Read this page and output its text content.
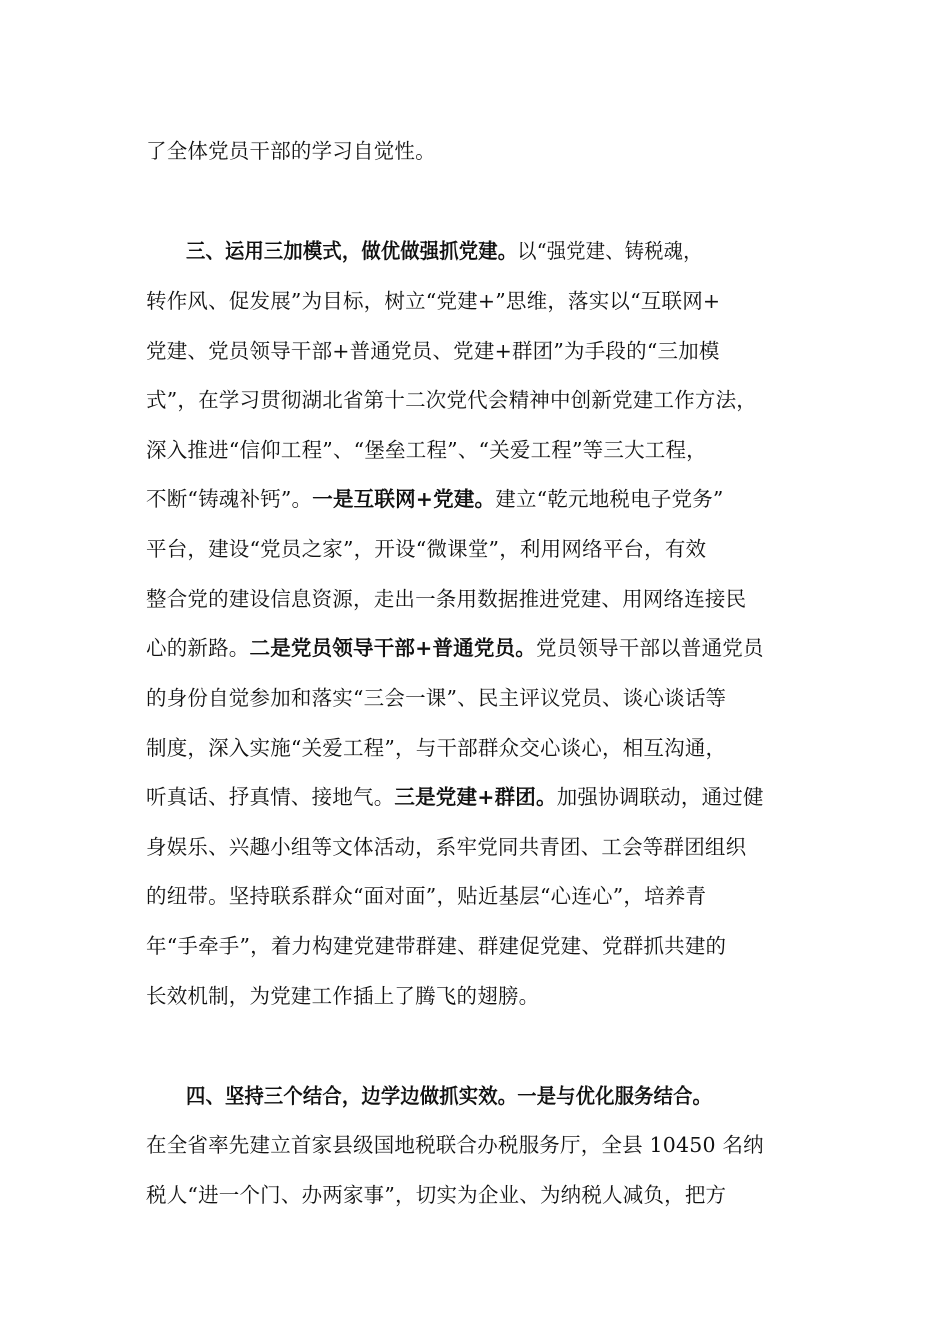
了全体党员干部的学习自觉性。
三、运用三加模式，做优做强抓党建。以“强党建、铸税魂，
转作风、促发展”为目标，树立“党建+”思维，落实以“互联网+
党建、党员领导干部+普通党员、党建+群团”为手段的“三加模
式”，在学习贯彻湖北省第十二次党代会精神中创新党建工作方法，
深入推进“信仰工程”、“堡垒工程”、“关爱工程”等三大工程，
不断“铸魂补钙”。一是互联网+党建。建立“乾元地税电子党务”
平台，建设“党员之家”，开设“微课堂”，利用网络平台，有效
整合党的建设信息资源，走出一条用数据推进党建、用网络连接民
心的新路。二是党员领导干部+普通党员。党员领导干部以普通党员
的身份自觉参加和落实“三会一课”、民主评议党员、谈心谈话等
制度，深入实施“关爱工程”，与干部群众交心谈心，相互沟通，
听真话、抒真情、接地气。三是党建+群团。加强协调联动，通过健
身娱乐、兴趣小组等文体活动，系牢党同共青团、工会等群团组织
的纽带。坚持联系群众“面对面”，贴近基层“心连心”，培养青
年“手牵手”，着力构建党建带群建、群建促党建、党群抓共建的
长效机制，为党建工作插上了腾飞的翅膀。
四、坚持三个结合，边学边做抓实效。一是与优化服务结合。
在全省率先建立首家县级国地税联合办税服务厅，全县 10450 名纳
税人“进一个门、办两家事”，切实为企业、为纳税人减负，把方
